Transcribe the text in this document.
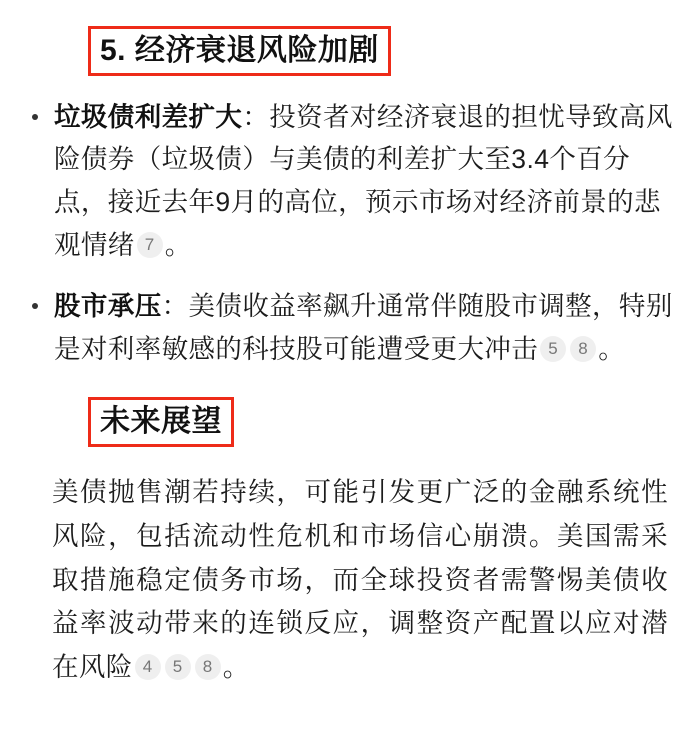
5. 经济衰退风险加剧
垃圾债利差扩大：投资者对经济衰退的担忧导致高风险债券（垃圾债）与美债的利差扩大至3.4个百分点，接近去年9月的高位，预示市场对经济前景的悲观情绪 7 。
股市承压：美债收益率飙升通常伴随股市调整，特别是对利率敏感的科技股可能遭受更大冲击 5 8 。
未来展望

美债抛售潮若持续，可能引发更广泛的金融系统性风险，包括流动性危机和市场信心崩溃。美国需采取措施稳定债务市场，而全球投资者需警惕美债收益率波动带来的连锁反应，调整资产配置以应对潜在风险 4 5 8 。
